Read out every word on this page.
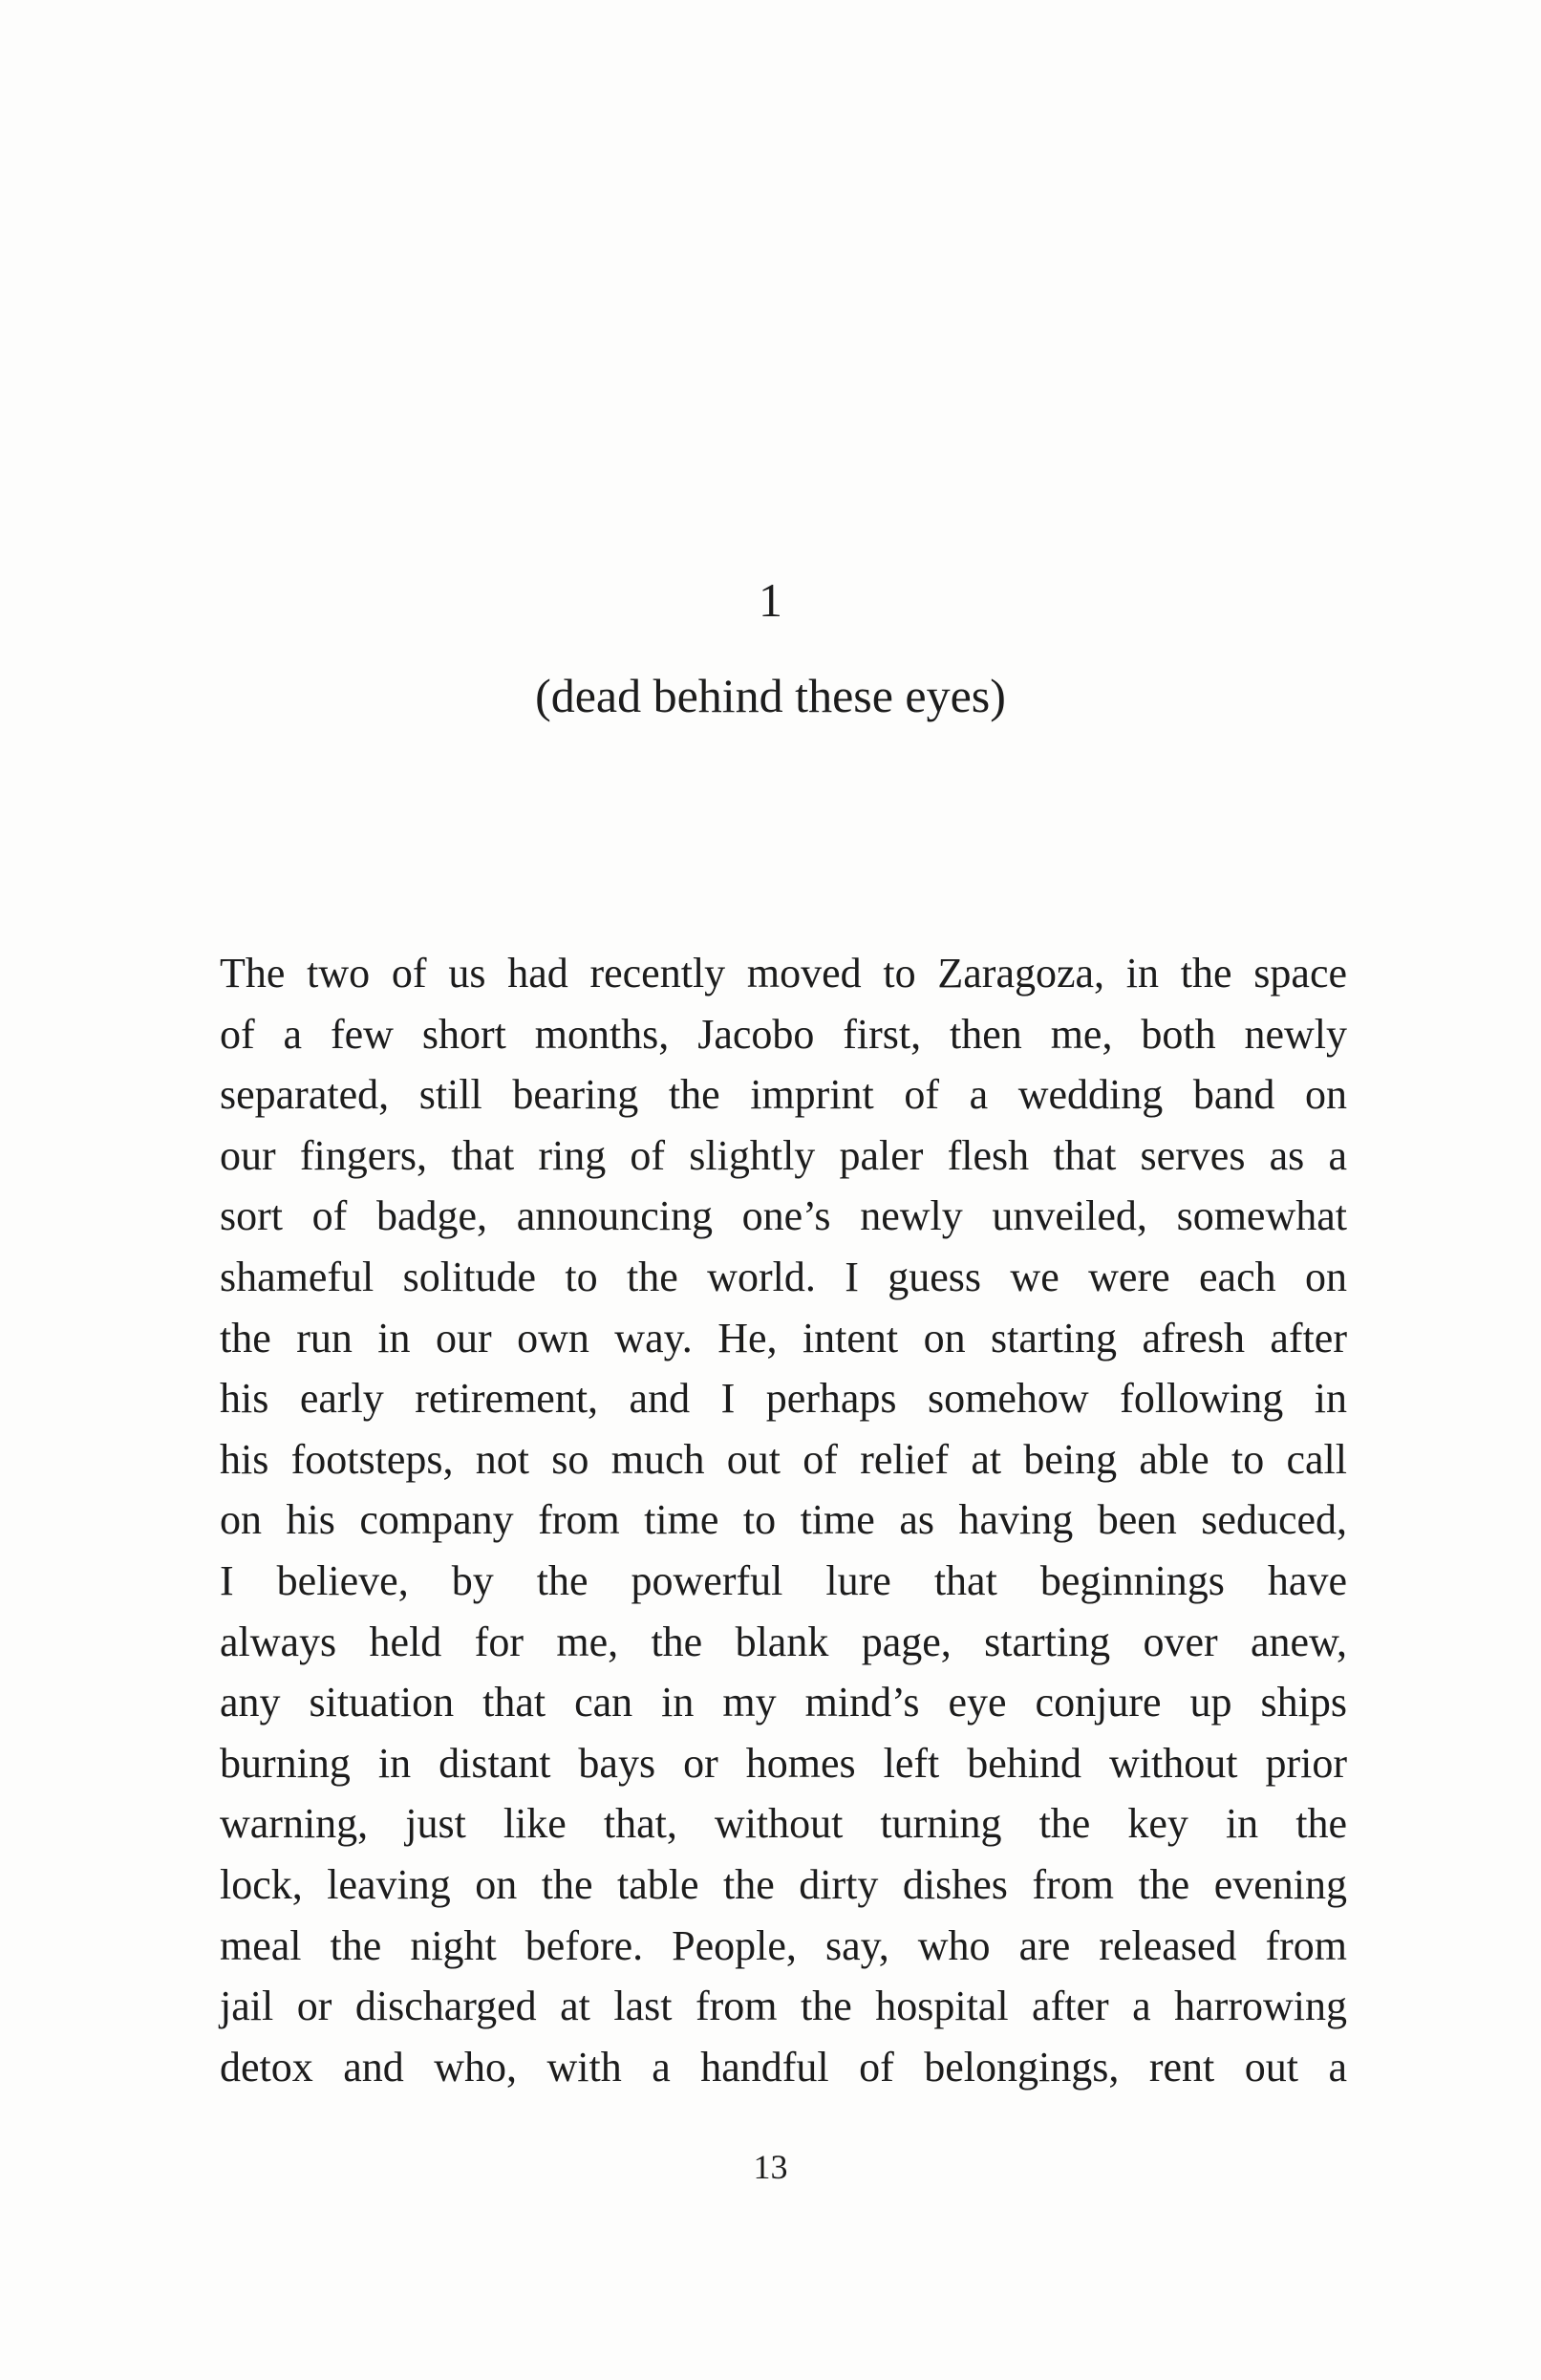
1
(dead behind these eyes)

The two of us had recently moved to Zaragoza, in the space
of a few short months, Jacobo first, then me, both newly
separated, still bearing the imprint of a wedding band on
our fingers, that ring of slightly paler flesh that serves as a
sort of badge, announcing one’s newly unveiled, somewhat
shameful solitude to the world. I guess we were each on
the run in our own way. He, intent on starting afresh after
his early retirement, and I perhaps somehow following in
his footsteps, not so much out of relief at being able to call
on his company from time to time as having been seduced,
I believe, by the powerful lure that beginnings have
always held for me, the blank page, starting over anew,
any situation that can in my mind’s eye conjure up ships
burning in distant bays or homes left behind without prior
warning, just like that, without turning the key in the
lock, leaving on the table the dirty dishes from the evening
meal the night before. People, say, who are released from
jail or discharged at last from the hospital after a harrowing
detox and who, with a handful of belongings, rent out a

13
